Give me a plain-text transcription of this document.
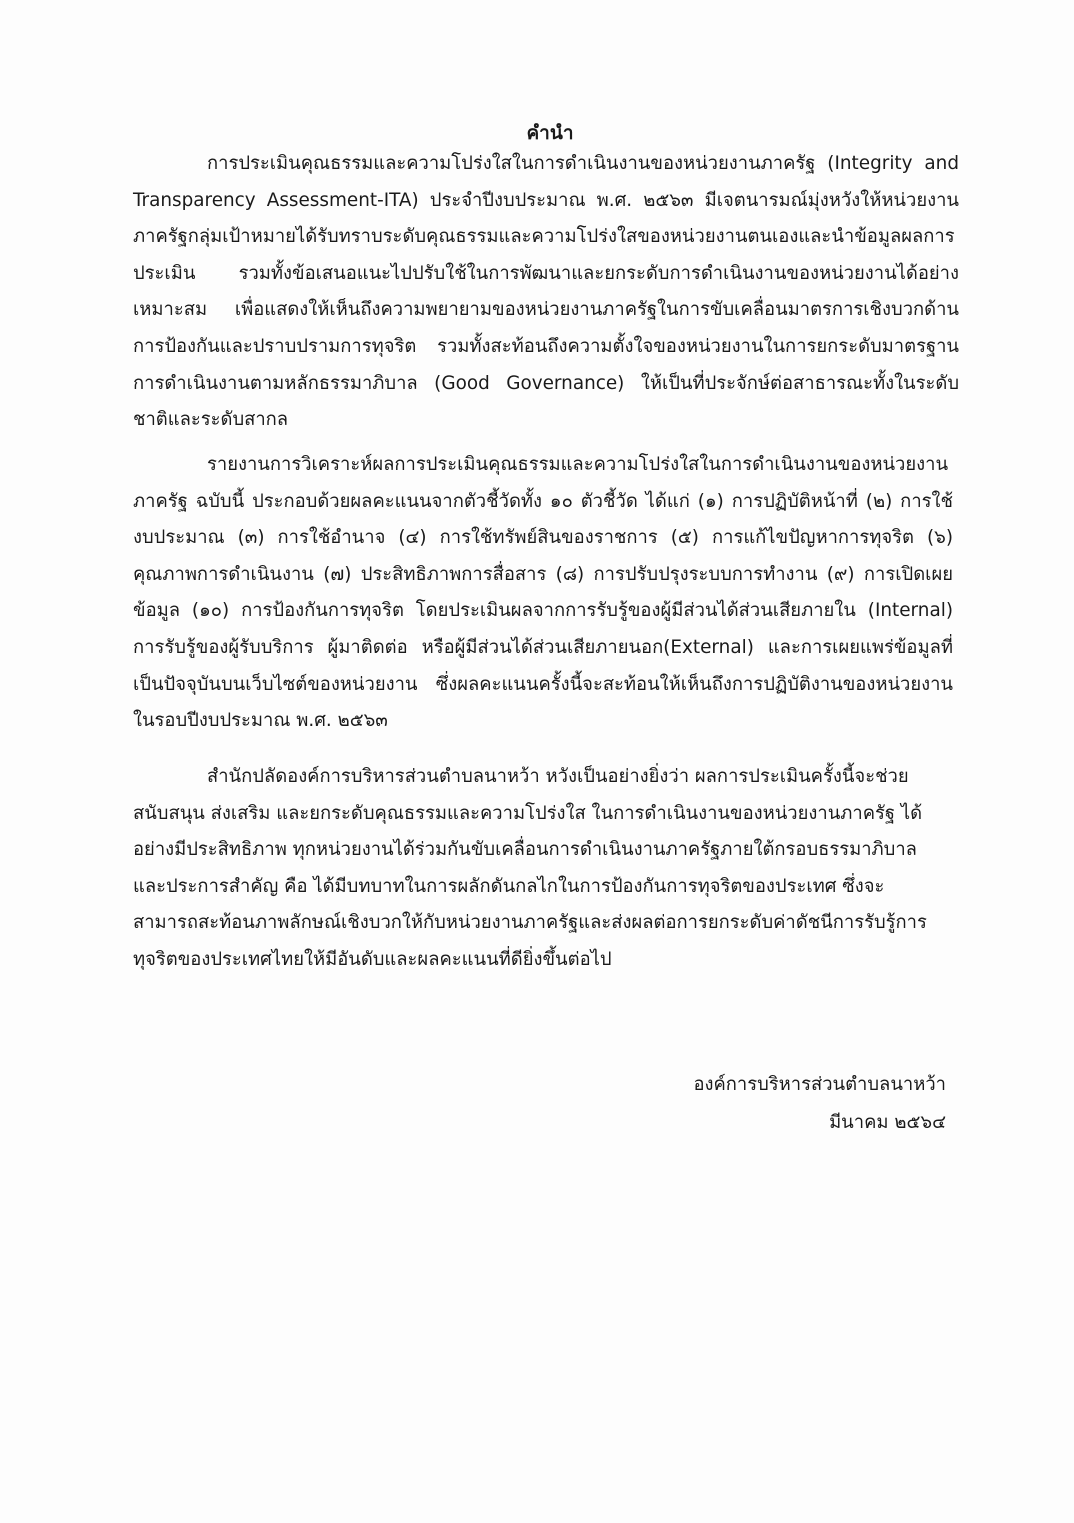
คำนำ

การประเมินคุณธรรมและความโปร่งใสในการดำเนินงานของหน่วยงานภาครัฐ (Integrity and Transparency Assessment-ITA) ประจำปีงบประมาณ พ.ศ. ๒๕๖๓ มีเจตนารมณ์มุ่งหวังให้หน่วยงานภาครัฐกลุ่มเป้าหมายได้รับทราบระดับคุณธรรมและความโปร่งใสของหน่วยงานตนเองและนำข้อมูลผลการประเมิน รวมทั้งข้อเสนอแนะไปปรับใช้ในการพัฒนาและยกระดับการดำเนินงานของหน่วยงานได้อย่างเหมาะสม เพื่อแสดงให้เห็นถึงความพยายามของหน่วยงานภาครัฐในการขับเคลื่อนมาตรการเชิงบวกด้านการป้องกันและปราบปรามการทุจริต รวมทั้งสะท้อนถึงความตั้งใจของหน่วยงานในการยกระดับมาตรฐานการดำเนินงานตามหลักธรรมาภิบาล (Good Governance) ให้เป็นที่ประจักษ์ต่อสาธารณะทั้งในระดับชาติและระดับสากล

รายงานการวิเคราะห์ผลการประเมินคุณธรรมและความโปร่งใสในการดำเนินงานของหน่วยงานภาครัฐ ฉบับนี้ ประกอบด้วยผลคะแนนจากตัวชี้วัดทั้ง ๑๐ ตัวชี้วัด ได้แก่ (๑) การปฏิบัติหน้าที่ (๒) การใช้งบประมาณ (๓) การใช้อำนาจ (๔) การใช้ทรัพย์สินของราชการ (๕) การแก้ไขปัญหาการทุจริต (๖) คุณภาพการดำเนินงาน (๗) ประสิทธิภาพการสื่อสาร (๘) การปรับปรุงระบบการทำงาน (๙) การเปิดเผยข้อมูล (๑๐) การป้องกันการทุจริต โดยประเมินผลจากการรับรู้ของผู้มีส่วนได้ส่วนเสียภายใน (Internal) การรับรู้ของผู้รับบริการ ผู้มาติดต่อ หรือผู้มีส่วนได้ส่วนเสียภายนอก(External) และการเผยแพร่ข้อมูลที่เป็นปัจจุบันบนเว็บไซต์ของหน่วยงาน ซึ่งผลคะแนนครั้งนี้จะสะท้อนให้เห็นถึงการปฏิบัติงานของหน่วยงานในรอบปีงบประมาณ พ.ศ. ๒๕๖๓

สำนักปลัดองค์การบริหารส่วนตำบลนาหว้า หวังเป็นอย่างยิ่งว่า ผลการประเมินครั้งนี้จะช่วยสนับสนุน ส่งเสริม และยกระดับคุณธรรมและความโปร่งใส ในการดำเนินงานของหน่วยงานภาครัฐ ได้อย่างมีประสิทธิภาพ ทุกหน่วยงานได้ร่วมกันขับเคลื่อนการดำเนินงานภาครัฐภายใต้กรอบธรรมาภิบาล และประการสำคัญ คือ ได้มีบทบาทในการผลักดันกลไกในการป้องกันการทุจริตของประเทศ ซึ่งจะสามารถสะท้อนภาพลักษณ์เชิงบวกให้กับหน่วยงานภาครัฐและส่งผลต่อการยกระดับค่าดัชนีการรับรู้การทุจริตของประเทศไทยให้มีอันดับและผลคะแนนที่ดียิ่งขึ้นต่อไป

องค์การบริหารส่วนตำบลนาหว้า
มีนาคม ๒๕๖๔
